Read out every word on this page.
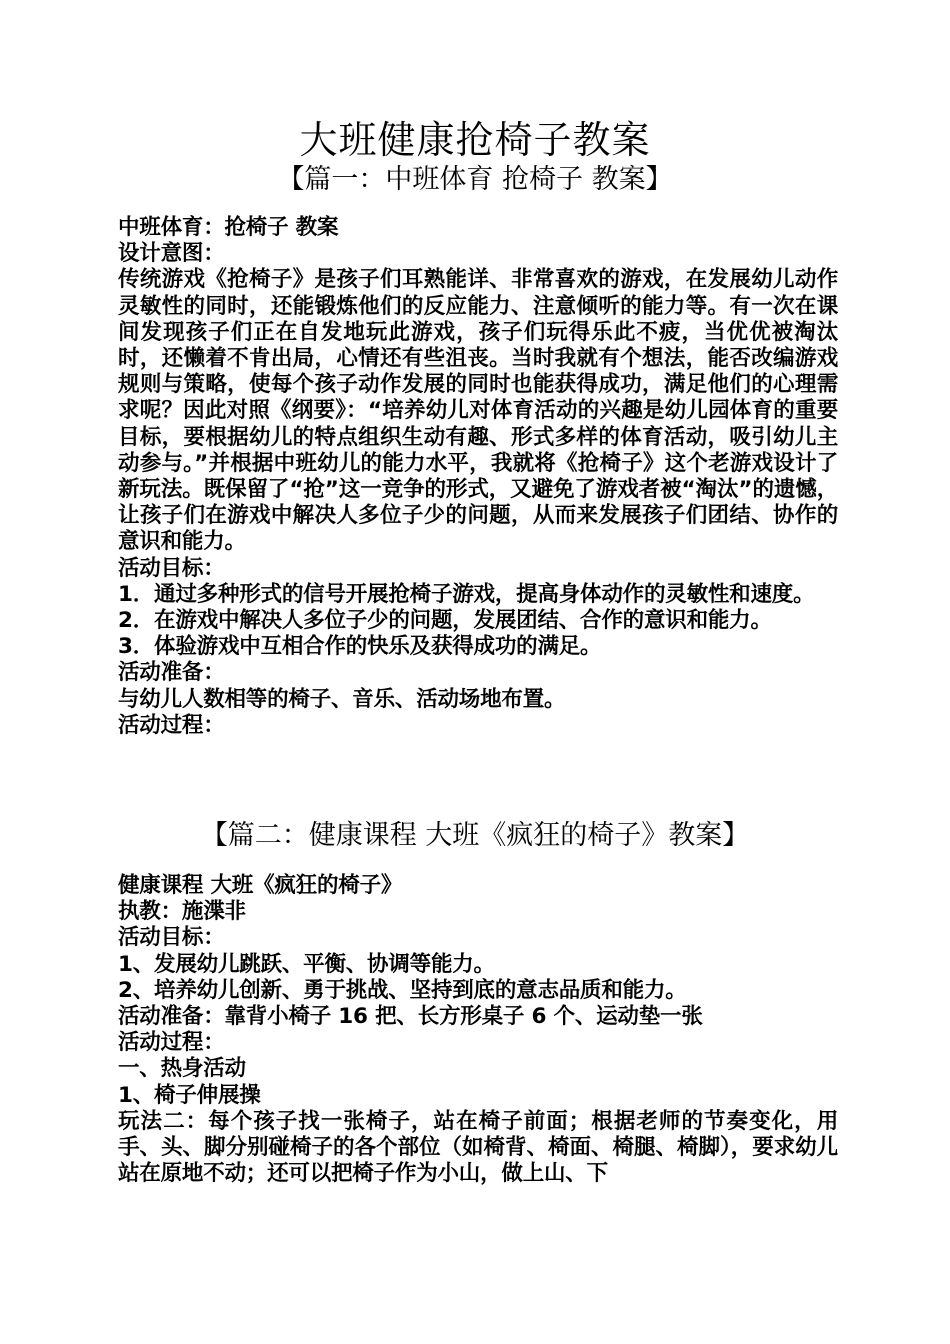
大班健康抢椅子教案
【篇一：中班体育 抢椅子 教案】

中班体育：抢椅子 教案

设计意图：

传统游戏《抢椅子》是孩子们耳熟能详、非常喜欢的游戏，在发展幼儿动作灵敏性的同时，还能锻炼他们的反应能力、注意倾听的能力等。有一次在课间发现孩子们正在自发地玩此游戏，孩子们玩得乐此不疲，当优优被淘汰时，还懒着不肯出局，心情还有些沮丧。当时我就有个想法，能否改编游戏规则与策略，使每个孩子动作发展的同时也能获得成功，满足他们的心理需求呢？因此对照《纲要》：“培养幼儿对体育活动的兴趣是幼儿园体育的重要目标，要根据幼儿的特点组织生动有趣、形式多样的体育活动，吸引幼儿主动参与。”并根据中班幼儿的能力水平，我就将《抢椅子》这个老游戏设计了新玩法。既保留了“抢”这一竞争的形式，又避免了游戏者被“淘汰”的遗憾，让孩子们在游戏中解决人多位子少的问题，从而来发展孩子们团结、协作的意识和能力。

活动目标：

1．通过多种形式的信号开展抢椅子游戏，提高身体动作的灵敏性和速度。

2．在游戏中解决人多位子少的问题，发展团结、合作的意识和能力。

3．体验游戏中互相合作的快乐及获得成功的满足。

活动准备：

与幼儿人数相等的椅子、音乐、活动场地布置。

活动过程：

【篇二：健康课程 大班《疯狂的椅子》教案】

健康课程 大班《疯狂的椅子》

执教：施渫非

活动目标：

1、发展幼儿跳跃、平衡、协调等能力。

2、培养幼儿创新、勇于挑战、坚持到底的意志品质和能力。

活动准备：靠背小椅子 16 把、长方形桌子 6 个、运动垫一张

活动过程：

一、热身活动

1、椅子伸展操

玩法二：每个孩子找一张椅子，站在椅子前面；根据老师的节奏变化，用手、头、脚分别碰椅子的各个部位（如椅背、椅面、椅腿、椅脚），要求幼儿站在原地不动；还可以把椅子作为小山，做上山、下
